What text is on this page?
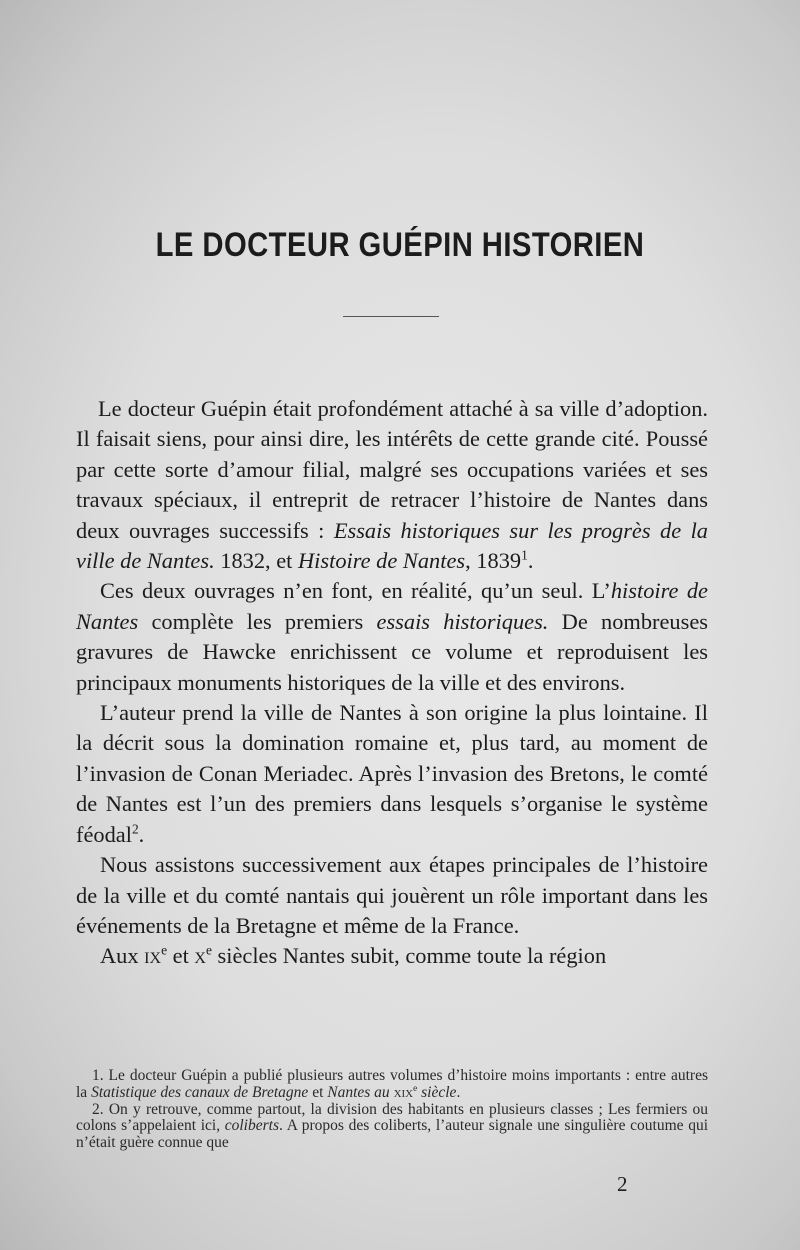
LE DOCTEUR GUÉPIN HISTORIEN

Le docteur Guépin était profondément attaché à sa ville d’adoption. Il faisait siens, pour ainsi dire, les intérêts de cette grande cité. Poussé par cette sorte d’amour filial, malgré ses occupations variées et ses travaux spéciaux, il entreprit de retracer l’histoire de Nantes dans deux ouvrages successifs : Essais historiques sur les progrès de la ville de Nantes. 1832, et Histoire de Nantes, 1839$^1$.

Ces deux ouvrages n’en font, en réalité, qu’un seul. L’histoire de Nantes complète les premiers essais historiques. De nombreuses gravures de Hawcke enrichissent ce volume et reproduisent les principaux monuments historiques de la ville et des environs.

L’auteur prend la ville de Nantes à son origine la plus lointaine. Il la décrit sous la domination romaine et, plus tard, au moment de l’invasion de Conan Meriadec. Après l’invasion des Bretons, le comté de Nantes est l’un des premiers dans lesquels s’organise le système féodal$^2$.

Nous assistons successivement aux étapes principales de l’histoire de la ville et du comté nantais qui jouèrent un rôle important dans les événements de la Bretagne et même de la France.

Aux $ix^e$ et $x^e$ siècles Nantes subit, comme toute la région

1. Le docteur Guépin a publié plusieurs autres volumes d’histoire moins importants : entre autres la Statistique des canaux de Bretagne et Nantes au xix$^e$ siècle.

2. On y retrouve, comme partout, la division des habitants en plusieurs classes ; Les fermiers ou colons s’appelaient ici, coliberts. A propos des coliberts, l’auteur signale une singulière coutume qui n’était guère connue que

2
